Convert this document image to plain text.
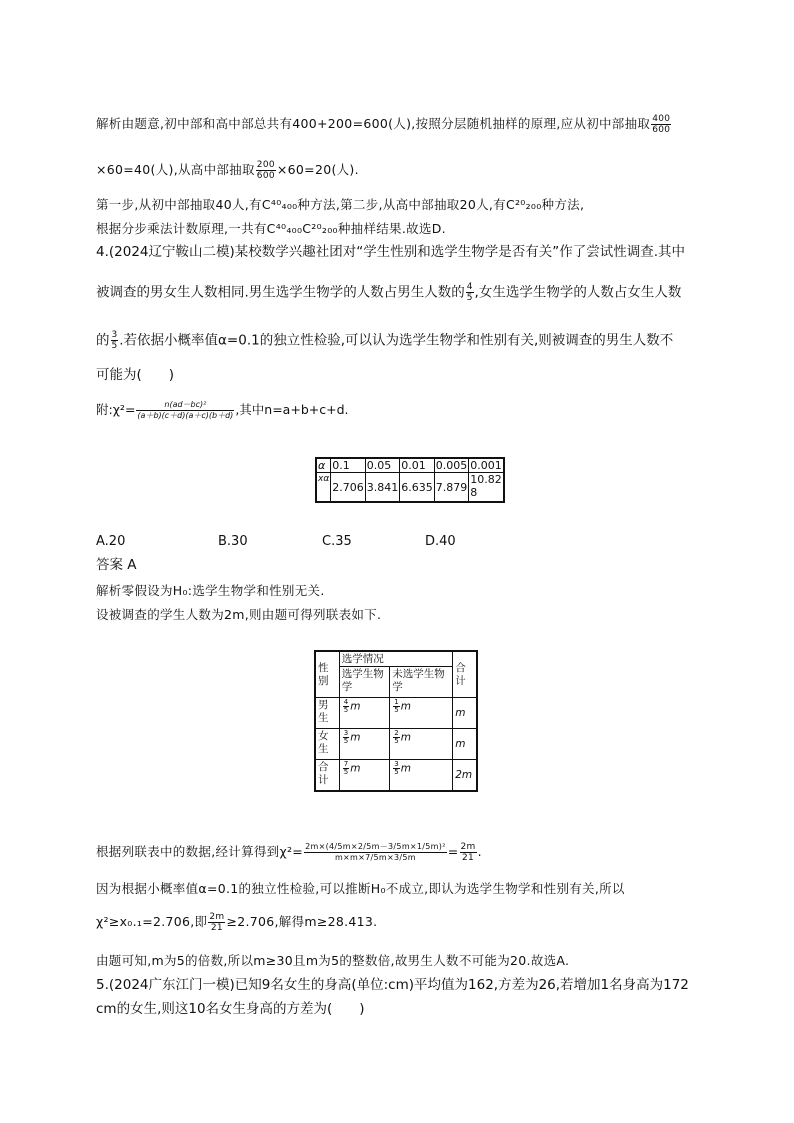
解析由题意,初中部和高中部总共有400+200=600(人),按照分层随机抽样的原理,应从初中部抽取 $\frac{400}{600}$
×60=40(人),从高中部抽取 $\frac{200}{600} \times 60=20$(人).
第一步,从初中部抽取40人,有C⁴⁰₄₀₀种方法,第二步,从高中部抽取20人,有C²⁰₂₀₀种方法,
根据分步乘法计数原理,一共有C⁴⁰₄₀₀C²⁰₂₀₀种抽样结果.故选D.
4.(2024辽宁鞍山二模)某校数学兴趣社团对“学生性别和选学生物学是否有关”作了尝试性调查.其中
被调查的男女生人数相同.男生选学生物学的人数占男生人数的 $\frac{4}{5}$ ,女生选学生物学的人数占女生人数
的 $\frac{3}{5}$ .若依据小概率值α=0.1的独立性检验,可以认为选学生物学和性别有关,则被调查的男生人数不
可能为(　　)
附:χ²= $\frac{\text{n(ad－bc)²}}{(a+b)(c+d)(a+c)(b+d)}$ ,其中n=a+b+c+d.
α	0.1	0.05	0.01	0.005	0.001
xα	2.706	3.841	6.635	7.879	10.828
A.20	B.30	C.35	D.40
答案 A
解析零假设为H₀:选学生物学和性别无关.
设被调查的学生人数为2m,则由题可得列联表如下.
性别	选学情况		合计
	选学生物学	未选学生物学	
男生	$\frac{4}{5}$ m	$\frac{1}{5}$ m	m
女生	$\frac{3}{5}$ m	$\frac{2}{5}$ m	m
合计	$\frac{7}{5}$ m	$\frac{3}{5}$ m	2m
根据列联表中的数据,经计算得到$\chi^2= \frac{\text{2m×(4/5m×2/5m－3/5m×1/5m)²}}{m\times m\times 7/5m\times 3/5m} = \frac{2m}{21}$ .
因为根据小概率值α=0.1的独立性检验,可以推断H₀不成立,即认为选学生物学和性别有关,所以
χ²≥x₀.₁=2.706,即 $\frac{2m}{21} \ge 2.706$,解得m≥28.413.
由题可知,m为5的倍数,所以m≥30且m为5的整数倍,故男生人数不可能为20.故选A.
5.(2024广东江门一模)已知9名女生的身高(单位:cm)平均值为162,方差为26,若增加1名身高为172
cm的女生,则这10名女生身高的方差为(　　)
